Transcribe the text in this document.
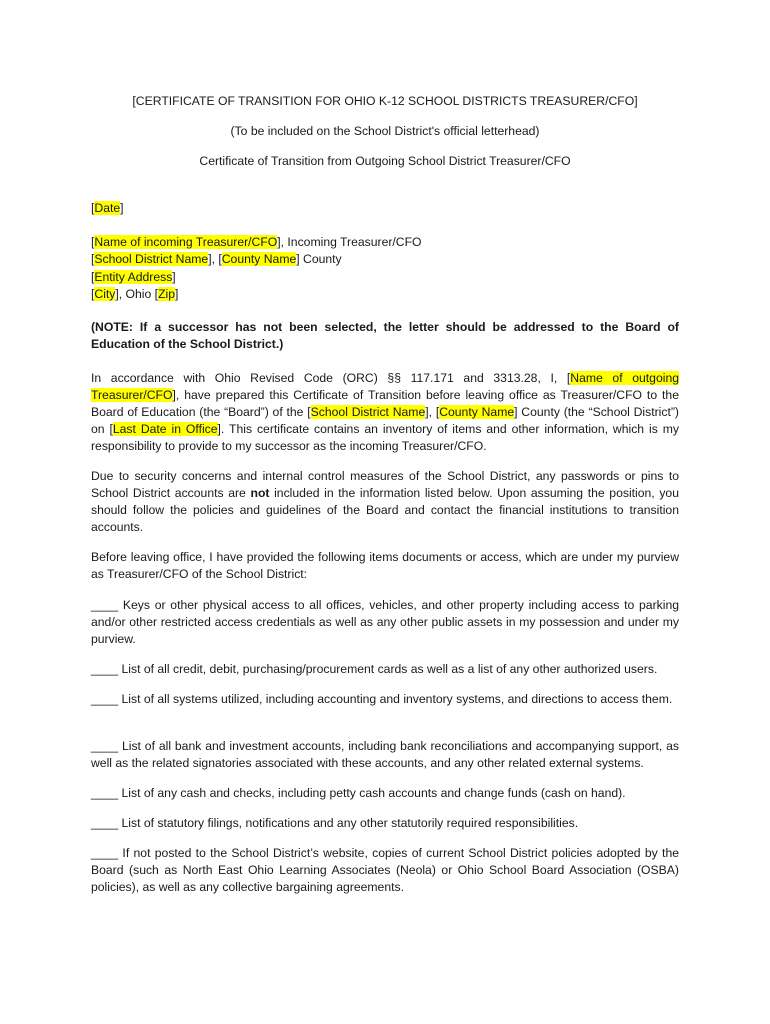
[CERTIFICATE OF TRANSITION FOR OHIO K-12 SCHOOL DISTRICTS TREASURER/CFO]
(To be included on the School District's official letterhead)
Certificate of Transition from Outgoing School District Treasurer/CFO
[Date]
[Name of incoming Treasurer/CFO], Incoming Treasurer/CFO
[School District Name], [County Name] County
[Entity Address]
[City], Ohio [Zip]
(NOTE: If a successor has not been selected, the letter should be addressed to the Board of Education of the School District.)
In accordance with Ohio Revised Code (ORC) §§ 117.171 and 3313.28, I, [Name of outgoing Treasurer/CFO], have prepared this Certificate of Transition before leaving office as Treasurer/CFO to the Board of Education (the “Board”) of the [School District Name], [County Name] County (the “School District”) on [Last Date in Office]. This certificate contains an inventory of items and other information, which is my responsibility to provide to my successor as the incoming Treasurer/CFO.
Due to security concerns and internal control measures of the School District, any passwords or pins to School District accounts are not included in the information listed below. Upon assuming the position, you should follow the policies and guidelines of the Board and contact the financial institutions to transition accounts.
Before leaving office, I have provided the following items documents or access, which are under my purview as Treasurer/CFO of the School District:
____ Keys or other physical access to all offices, vehicles, and other property including access to parking and/or other restricted access credentials as well as any other public assets in my possession and under my purview.
____ List of all credit, debit, purchasing/procurement cards as well as a list of any other authorized users.
____ List of all systems utilized, including accounting and inventory systems, and directions to access them.
____ List of all bank and investment accounts, including bank reconciliations and accompanying support, as well as the related signatories associated with these accounts, and any other related external systems.
____ List of any cash and checks, including petty cash accounts and change funds (cash on hand).
____ List of statutory filings, notifications and any other statutorily required responsibilities.
____ If not posted to the School District’s website, copies of current School District policies adopted by the Board (such as North East Ohio Learning Associates (Neola) or Ohio School Board Association (OSBA) policies), as well as any collective bargaining agreements.
